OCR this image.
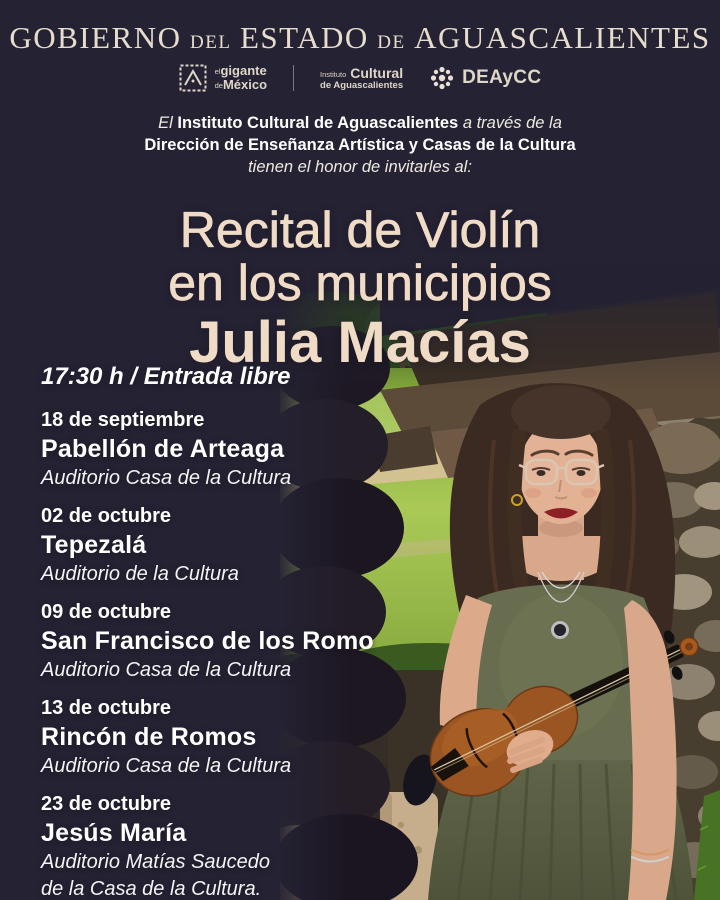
GOBIERNO DEL ESTADO DE AGUASCALIENTES
elgigante
deMéxico
Instituto Cultural
de Aguascalientes	DEAyCC
El Instituto Cultural de Aguascalientes a través de la
Dirección de Enseñanza Artística y Casas de la Cultura
tienen el honor de invitarles al:
Recital de Violín
en los municipios
Julia Macías
17:30 h / Entrada libre
18 de septiembre
Pabellón de Arteaga
Auditorio Casa de la Cultura
02 de octubre
Tepezalá
Auditorio de la Cultura
09 de octubre
San Francisco de los Romo
Auditorio Casa de la Cultura
13 de octubre
Rincón de Romos
Auditorio Casa de la Cultura
23 de octubre
Jesús María
Auditorio Matías Saucedo
de la Casa de la Cultura.
